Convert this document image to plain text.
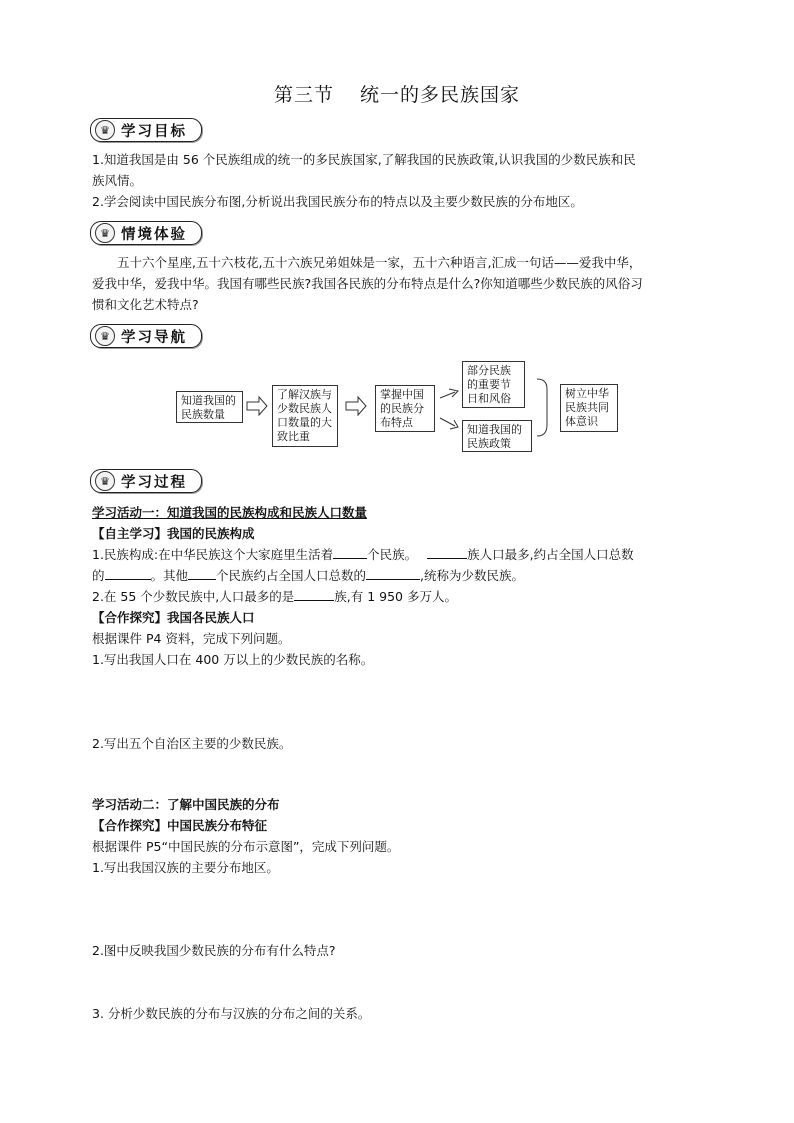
第三节 统一的多民族国家
♛ 学习目标
1.知道我国是由 56 个民族组成的统一的多民族国家,了解我国的民族政策,认识我国的少数民族和民
族风情。
2.学会阅读中国民族分布图,分析说出我国民族分布的特点以及主要少数民族的分布地区。
♛ 情境体验
五十六个星座,五十六枝花,五十六族兄弟姐妹是一家，五十六种语言,汇成一句话——爱我中华，
爱我中华，爱我中华。我国有哪些民族?我国各民族的分布特点是什么?你知道哪些少数民族的风俗习
惯和文化艺术特点?
♛ 学习导航
知道我国的民族数量
了解汉族与少数民族人口数量的大致比重
掌握中国的民族分布特点
部分民族的重要节日和风俗
知道我国的民族政策
树立中华民族共同体意识
♛ 学习过程
学习活动一：知道我国的民族构成和民族人口数量
【自主学习】我国的民族构成
1.民族构成:在中华民族这个大家庭里生活着	个民族。	族人口最多,约占全国人口总数
的	。其他 个民族约占全国人口总数的	,统称为少数民族。
2.在 55 个少数民族中,人口最多的是	族,有 1 950 多万人。
【合作探究】我国各民族人口
根据课件 P4 资料，完成下列问题。
1.写出我国人口在 400 万以上的少数民族的名称。
2.写出五个自治区主要的少数民族。
学习活动二：了解中国民族的分布
【合作探究】中国民族分布特征
根据课件 P5“中国民族的分布示意图”，完成下列问题。
1.写出我国汉族的主要分布地区。
2.图中反映我国少数民族的分布有什么特点?
3. 分析少数民族的分布与汉族的分布之间的关系。
